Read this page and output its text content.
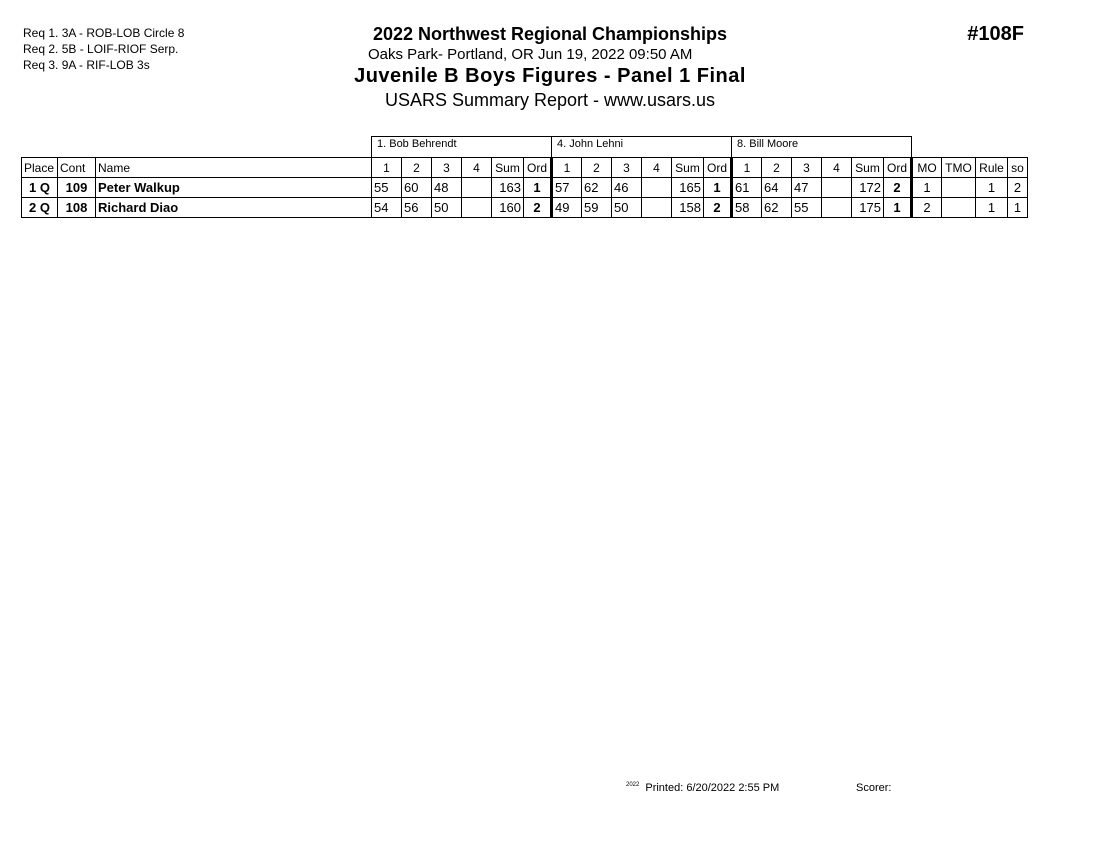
Req 1. 3A - ROB-LOB Circle 8
Req 2. 5B - LOIF-RIOF Serp.
Req 3. 9A - RIF-LOB 3s
2022 Northwest Regional Championships
Oaks Park- Portland, OR Jun 19, 2022 09:50 AM
Juvenile B Boys Figures - Panel 1 Final
USARS Summary Report - www.usars.us
#108F
			1. Bob Behrendt						4. John Lehni						8. Bill Moore									
Place	Cont	Name	1	2	3	4	Sum	Ord	1	2	3	4	Sum	Ord	1	2	3	4	Sum	Ord	MO	TMO	Rule	so
1 Q	109	Peter Walkup	55	60	48		163	1	57	62	46		165	1	61	64	47		172	2	1		1	2
2 Q	108	Richard Diao	54	56	50		160	2	49	59	50		158	2	58	62	55		175	1	2		1	1
$^{2022}$ Printed: 6/20/2022 2:55 PM	Scorer:
